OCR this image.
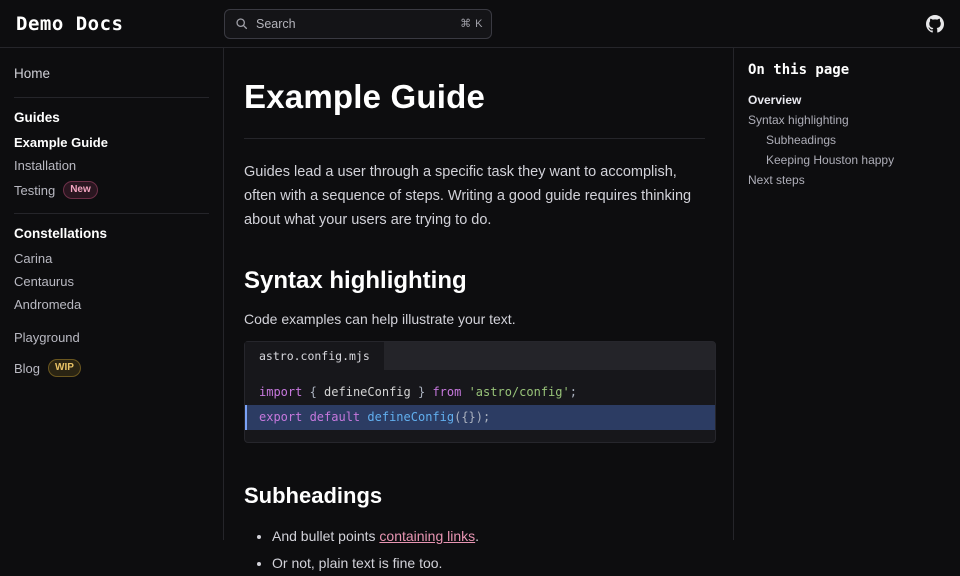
Demo Docs	Search	⌘ K
Home
Guides
Example Guide
Installation
Testing	New
Constellations
Carina
Centaurus
Andromeda
Playground
Blog	WIP
Example Guide

Guides lead a user through a specific task they want to accomplish, often with a sequence of steps. Writing a good guide requires thinking about what your users are trying to do.

Syntax highlighting

Code examples can help illustrate your text.

astro.config.mjs
import { defineConfig } from 'astro/config';
export default defineConfig({});
Subheadings
• And bullet points containing links.
• Or not, plain text is fine too.
On this page
Overview
Syntax highlighting
Subheadings
Keeping Houston happy
Next steps
